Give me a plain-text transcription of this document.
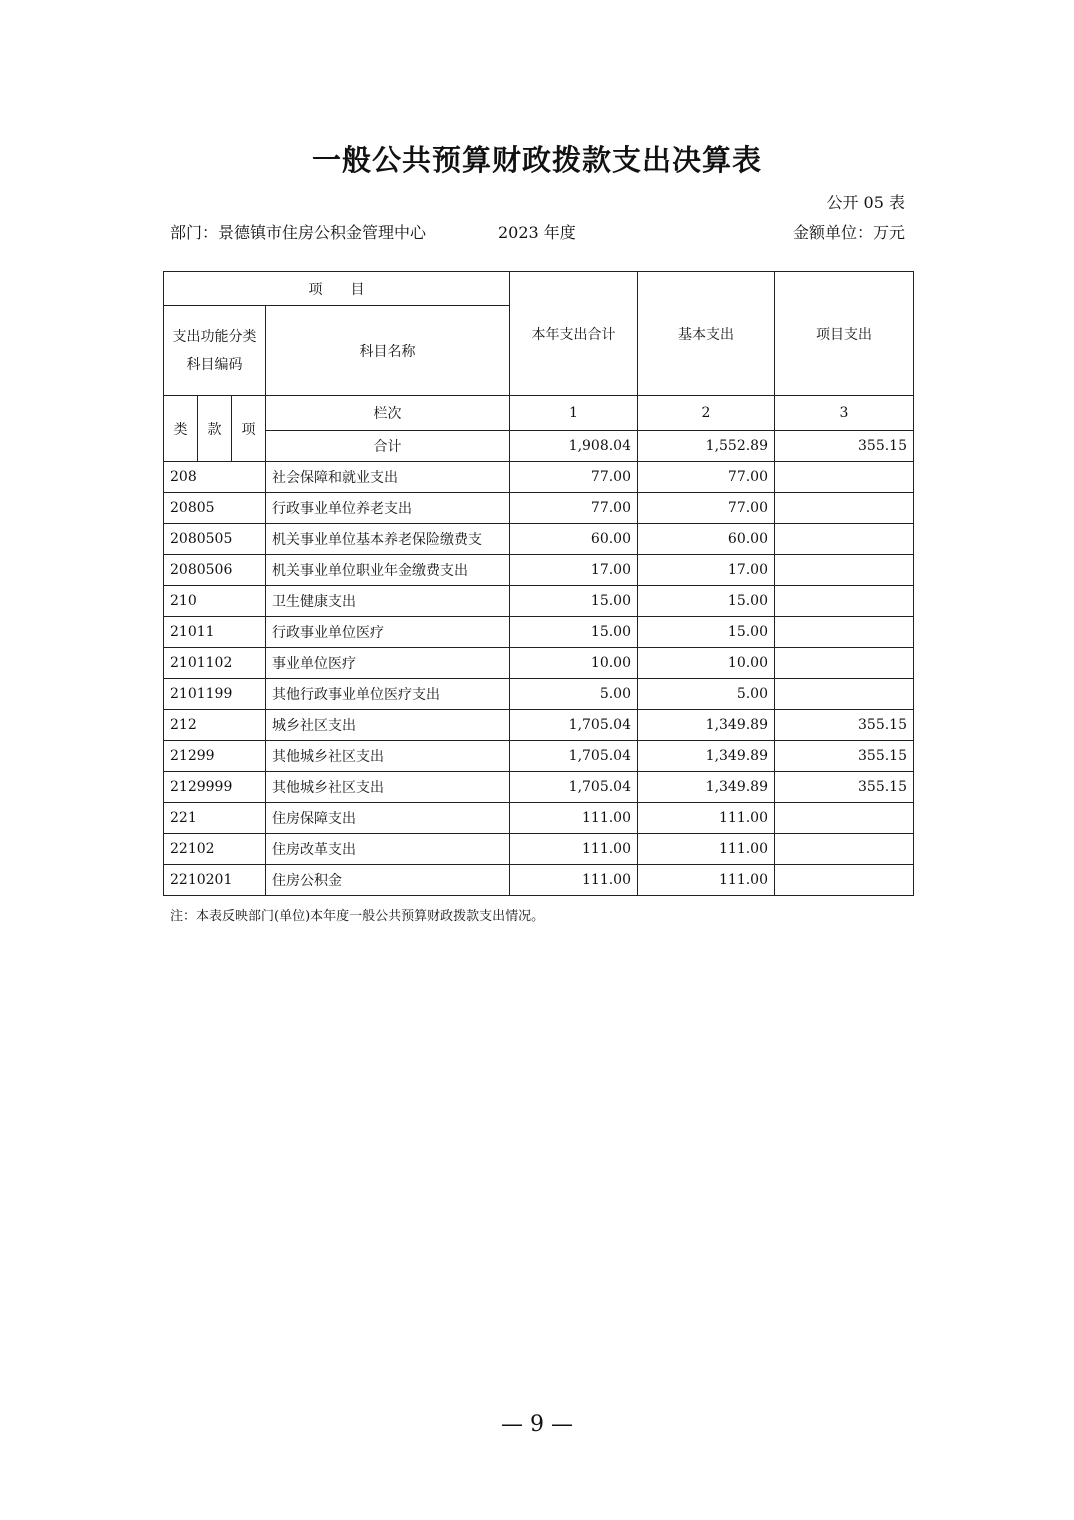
一般公共预算财政拨款支出决算表
公开 05 表
部门：景德镇市住房公积金管理中心	2023 年度	金额单位：万元
项　　目				本年支出合计	基本支出	项目支出
支出功能分类科目编码			科目名称			
类	款	项	栏次	1	2	3
			合计	1,908.04	1,552.89	355.15
208			社会保障和就业支出	77.00	77.00	
20805			行政事业单位养老支出	77.00	77.00	
2080505			机关事业单位基本养老保险缴费支	60.00	60.00	
2080506			机关事业单位职业年金缴费支出	17.00	17.00	
210			卫生健康支出	15.00	15.00	
21011			行政事业单位医疗	15.00	15.00	
2101102			事业单位医疗	10.00	10.00	
2101199			其他行政事业单位医疗支出	5.00	5.00	
212			城乡社区支出	1,705.04	1,349.89	355.15
21299			其他城乡社区支出	1,705.04	1,349.89	355.15
2129999			其他城乡社区支出	1,705.04	1,349.89	355.15
221			住房保障支出	111.00	111.00	
22102			住房改革支出	111.00	111.00	
2210201			住房公积金	111.00	111.00	
注：本表反映部门(单位)本年度一般公共预算财政拨款支出情况。
— 9 —
